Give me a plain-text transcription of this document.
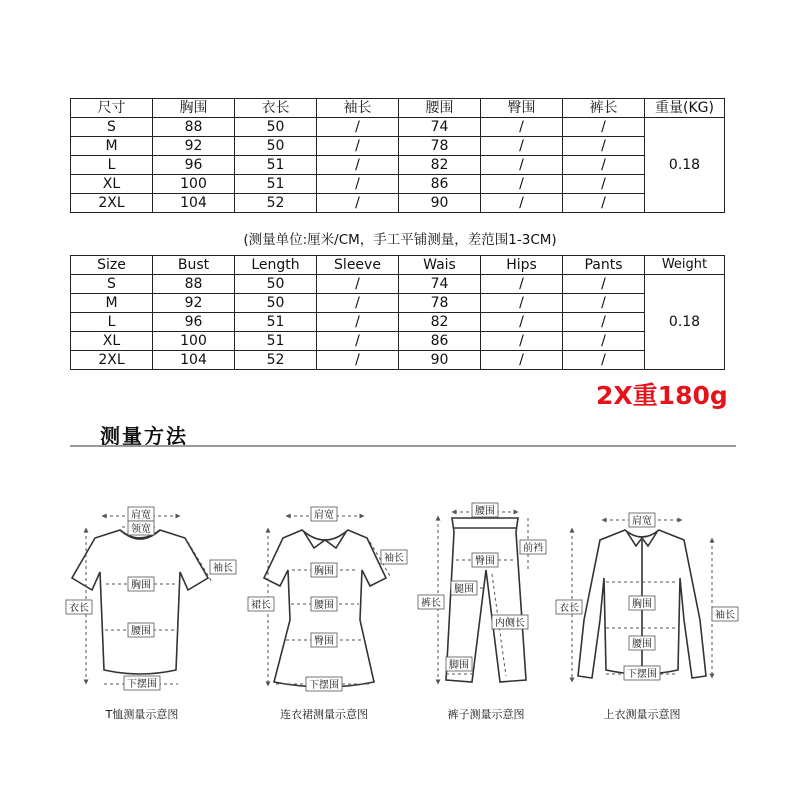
尺寸	胸围	衣长	袖长	腰围	臀围	裤长	重量(KG)
S	88	50	/	74	/	/	0.18
M	92	50	/	78	/	/	
L	96	51	/	82	/	/	
XL	100	51	/	86	/	/	
2XL	104	52	/	90	/	/	
(测量单位:厘米/CM，手工平铺测量，差范围1-3CM)
Size	Bust	Length	Sleeve	Wais	Hips	Pants	Weight
S	88	50	/	74	/	/	0.18
M	92	50	/	78	/	/	
L	96	51	/	82	/	/	
XL	100	51	/	86	/	/	
2XL	104	52	/	90	/	/	
2X重180g
测量方法
肩宽
领宽
袖长
衣长
胸围
腰围
下摆围
T恤测量示意图
肩宽
袖长
裙长
胸围
腰围
臀围
下摆围
连衣裙测量示意图
腰围
前裆
裤长
臀围
腿围
内侧长
脚围
裤子测量示意图
肩宽
衣长
袖长
胸围
腰围
下摆围
上衣测量示意图
